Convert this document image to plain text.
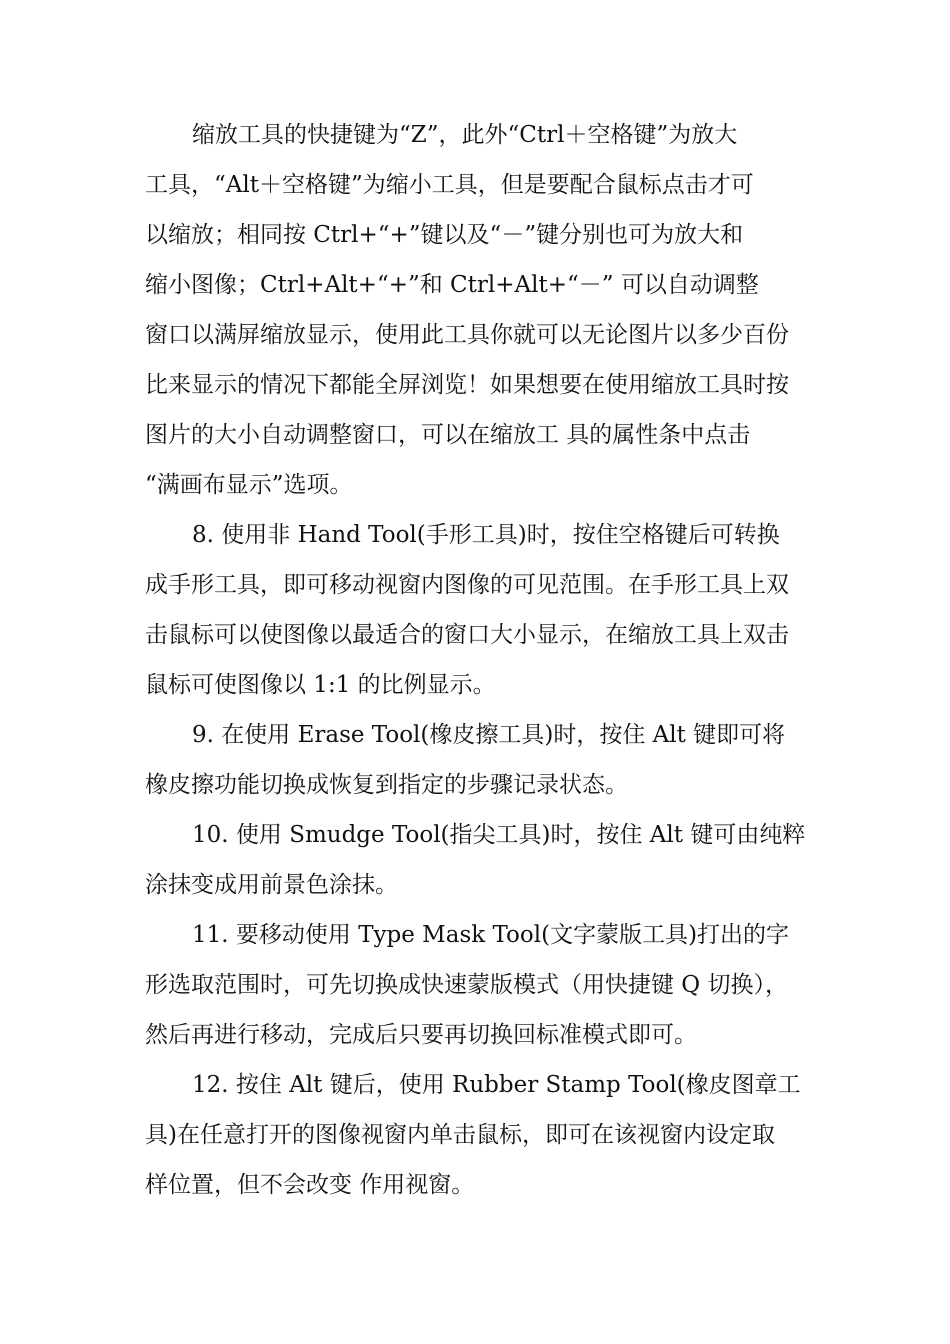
缩放工具的快捷键为“Z”，此外“Ctrl＋空格键”为放大
工具，“Alt＋空格键”为缩小工具，但是要配合鼠标点击才可
以缩放；相同按 Ctrl+“+”键以及“－”键分别也可为放大和
缩小图像；Ctrl+Alt+“+”和 Ctrl+Alt+“－” 可以自动调整
窗口以满屏缩放显示，使用此工具你就可以无论图片以多少百份
比来显示的情况下都能全屏浏览！如果想要在使用缩放工具时按
图片的大小自动调整窗口，可以在缩放工 具的属性条中点击
“满画布显示”选项。
8. 使用非 Hand Tool(手形工具)时，按住空格键后可转换
成手形工具，即可移动视窗内图像的可见范围。在手形工具上双
击鼠标可以使图像以最适合的窗口大小显示，在缩放工具上双击
鼠标可使图像以 1:1 的比例显示。
9. 在使用 Erase Tool(橡皮擦工具)时，按住 Alt 键即可将
橡皮擦功能切换成恢复到指定的步骤记录状态。
10. 使用 Smudge Tool(指尖工具)时，按住 Alt 键可由纯粹
涂抹变成用前景色涂抹。
11. 要移动使用 Type Mask Tool(文字蒙版工具)打出的字
形选取范围时，可先切换成快速蒙版模式（用快捷键 Q 切换），
然后再进行移动，完成后只要再切换回标准模式即可。
12. 按住 Alt 键后，使用 Rubber Stamp Tool(橡皮图章工
具)在任意打开的图像视窗内单击鼠标，即可在该视窗内设定取
样位置，但不会改变 作用视窗。
